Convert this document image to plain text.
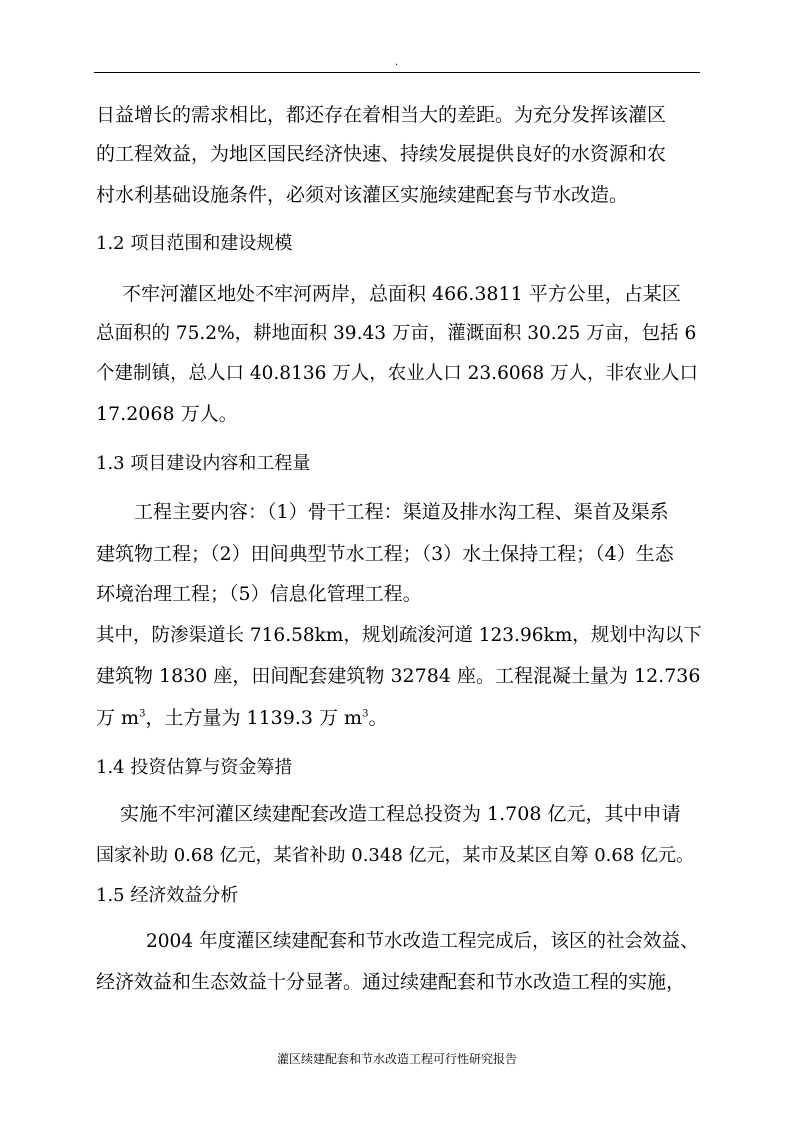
.
日益增长的需求相比，都还存在着相当大的差距。为充分发挥该灌区
的工程效益，为地区国民经济快速、持续发展提供良好的水资源和农
村水利基础设施条件，必须对该灌区实施续建配套与节水改造。
1.2 项目范围和建设规模
不牢河灌区地处不牢河两岸，总面积 466.3811 平方公里，占某区
总面积的 75.2%，耕地面积 39.43 万亩，灌溉面积 30.25 万亩，包括 6
个建制镇，总人口 40.8136 万人，农业人口 23.6068 万人，非农业人口
17.2068 万人。
1.3 项目建设内容和工程量
工程主要内容：（1）骨干工程：渠道及排水沟工程、渠首及渠系
建筑物工程；（2）田间典型节水工程；（3）水土保持工程；（4）生态
环境治理工程；（5）信息化管理工程。
其中，防渗渠道长 716.58km，规划疏浚河道 123.96km，规划中沟以下
建筑物 1830 座，田间配套建筑物 32784 座。工程混凝土量为 12.736
万 $m^3$，土方量为 1139.3 万 $m^3$。
1.4 投资估算与资金筹措
实施不牢河灌区续建配套改造工程总投资为 1.708 亿元，其中申请
国家补助 0.68 亿元，某省补助 0.348 亿元，某市及某区自筹 0.68 亿元。
1.5 经济效益分析
2004 年度灌区续建配套和节水改造工程完成后，该区的社会效益、
经济效益和生态效益十分显著。通过续建配套和节水改造工程的实施，
灌区续建配套和节水改造工程可行性研究报告
